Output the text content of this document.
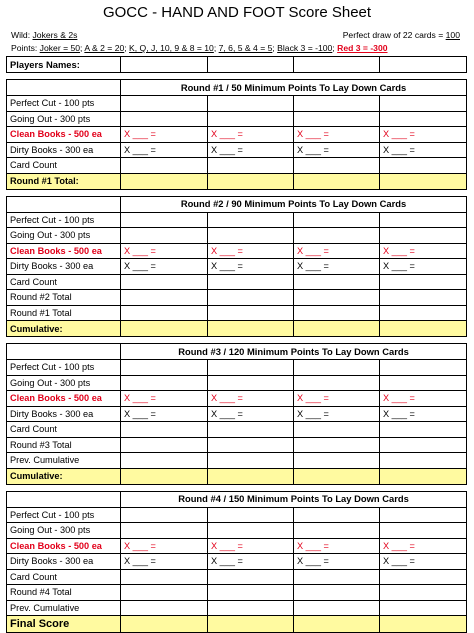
GOCC - HAND AND FOOT Score Sheet
Wild: Jokers & 2s	Perfect draw of 22 cards = 100
Points: Joker = 50; A & 2 = 20; K, Q, J, 10, 9 & 8 = 10; 7, 6, 5 & 4 = 5; Black 3 = -100; Red 3 = -300
Players Names:				

	Round #1 / 50 Minimum Points To Lay Down Cards			
Perfect Cut - 100 pts				
Going Out - 300 pts				
Clean Books - 500 ea	X ___ =	X ___ =	X ___ =	X ___ =
Dirty Books - 300 ea	X ___ =	X ___ =	X ___ =	X ___ =
Card Count				
Round #1 Total:				

	Round #2 / 90 Minimum Points To Lay Down Cards			
Perfect Cut - 100 pts				
Going Out - 300 pts				
Clean Books - 500 ea	X ___ =	X ___ =	X ___ =	X ___ =
Dirty Books - 300 ea	X ___ =	X ___ =	X ___ =	X ___ =
Card Count				
Round #2 Total				
Round #1 Total				
Cumulative:				

	Round #3 / 120 Minimum Points To Lay Down Cards			
Perfect Cut - 100 pts				
Going Out - 300 pts				
Clean Books - 500 ea	X ___ =	X ___ =	X ___ =	X ___ =
Dirty Books - 300 ea	X ___ =	X ___ =	X ___ =	X ___ =
Card Count				
Round #3 Total				
Prev. Cumulative				
Cumulative:				

	Round #4 / 150 Minimum Points To Lay Down Cards			
Perfect Cut - 100 pts				
Going Out - 300 pts				
Clean Books - 500 ea	X ___ =	X ___ =	X ___ =	X ___ =
Dirty Books - 300 ea	X ___ =	X ___ =	X ___ =	X ___ =
Card Count				
Round #4 Total				
Prev. Cumulative				
Final Score				
